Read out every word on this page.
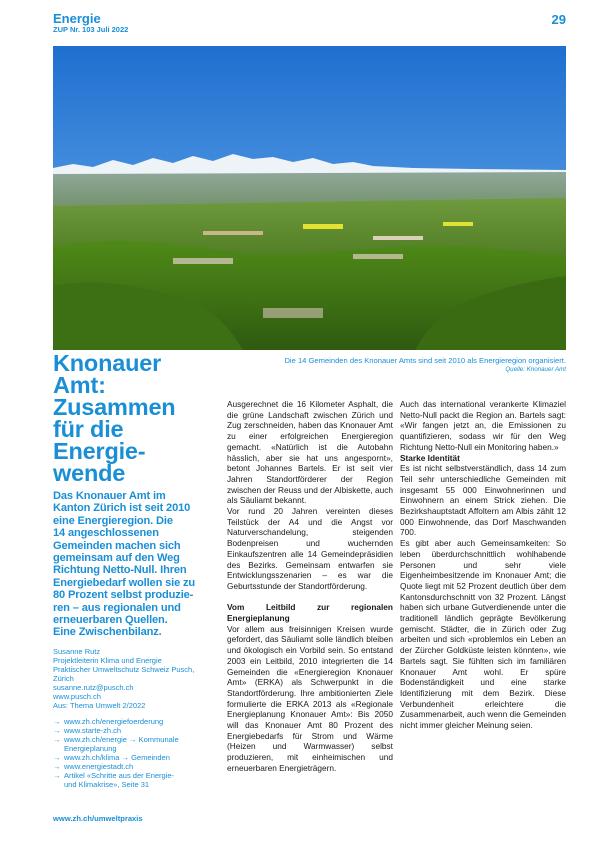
Energie
ZUP Nr. 103 Juli 2022
29
Die 14 Gemeinden des Knonauer Amts sind seit 2010 als Energieregion organisiert.
Quelle: Knonauer Amt
Knonauer
Amt:
Zusammen
für die
Energie-
wende
Das Knonauer Amt im
Kanton Zürich ist seit 2010
eine Energieregion. Die
14 angeschlossenen
Gemeinden machen sich
gemeinsam auf den Weg
Richtung Netto-Null. Ihren
Energiebedarf wollen sie zu
80 Prozent selbst produzie-
ren – aus regionalen und
erneuerbaren Quellen.
Eine Zwischenbilanz.
Susanne Rutz
Projektleiterin Klima und Energie
Praktischer Umweltschutz Schweiz Pusch,
Zürich
susanne.rutz@pusch.ch
www.pusch.ch
Aus: Thema Umwelt 2/2022
→ www.zh.ch/energiefoerderung
→ www.starte-zh.ch
→ www.zh.ch/energie → Kommunale
Energieplanung
→ www.zh.ch/klima → Gemeinden
→ www.energiestadt.ch
→ Artikel «Schritte aus der Energie-
und Klimakrise», Seite 31

Ausgerechnet die 16 Kilometer Asphalt, die die grüne Landschaft zwischen Zürich und Zug zerschneiden, haben das Knonauer Amt zu einer erfolgreichen Energieregion gemacht. «Natürlich ist die Autobahn hässlich, aber sie hat uns angespornt», betont Johannes Bartels. Er ist seit vier Jahren Standortförderer der Region zwischen der Reuss und der Albiskette, auch als Säuliamt bekannt.

Vor rund 20 Jahren vereinten dieses Teilstück der A4 und die Angst vor Naturverschandelung, steigenden Bodenpreisen und wuchernden Einkaufszentren alle 14 Gemeindepräsidien des Bezirks. Gemeinsam entwarfen sie Entwicklungsszenarien – es war die Geburtsstunde der Standortförderung.

Vom Leitbild zur regionalen Energieplanung

Vor allem aus freisinnigen Kreisen wurde gefordert, das Säuliamt solle ländlich bleiben und ökologisch ein Vorbild sein. So entstand 2003 ein Leitbild, 2010 integrierten die 14 Gemeinden die «Energieregion Knonauer Amt» (ERKA) als Schwerpunkt in die Standortförderung. Ihre ambitionierten Ziele formulierte die ERKA 2013 als «Regionale Energieplanung Knonauer Amt»: Bis 2050 will das Knonauer Amt 80 Prozent des Energiebedarfs für Strom und Wärme (Heizen und Warmwasser) selbst produzieren, mit einheimischen und erneuerbaren Energieträgern.

Auch das international verankerte Klimaziel Netto-Null packt die Region an. Bartels sagt: «Wir fangen jetzt an, die Emissionen zu quantifizieren, sodass wir für den Weg Richtung Netto-Null ein Monitoring haben.»

Starke Identität

Es ist nicht selbstverständlich, dass 14 zum Teil sehr unterschiedliche Gemeinden mit insgesamt 55 000 Einwohnerinnen und Einwohnern an einem Strick ziehen. Die Bezirkshauptstadt Affoltern am Albis zählt 12 000 Einwohnende, das Dorf Maschwanden 700.

Es gibt aber auch Gemeinsamkeiten: So leben überdurchschnittlich wohlhabende Personen und sehr viele Eigenheimbesitzende im Knonauer Amt; die Quote liegt mit 52 Prozent deutlich über dem Kantonsdurchschnitt von 32 Prozent. Längst haben sich urbane Gutverdienende unter die traditionell ländlich geprägte Bevölkerung gemischt. Städter, die in Zürich oder Zug arbeiten und sich «problemlos ein Leben an der Zürcher Goldküste leisten könnten», wie Bartels sagt. Sie fühlten sich im familiären Knonauer Amt wohl. Er spüre Bodenständigkeit und eine starke Identifizierung mit dem Bezirk. Diese Verbundenheit erleichtere die Zusammenarbeit, auch wenn die Gemeinden nicht immer gleicher Meinung seien.

www.zh.ch/umweltpraxis
